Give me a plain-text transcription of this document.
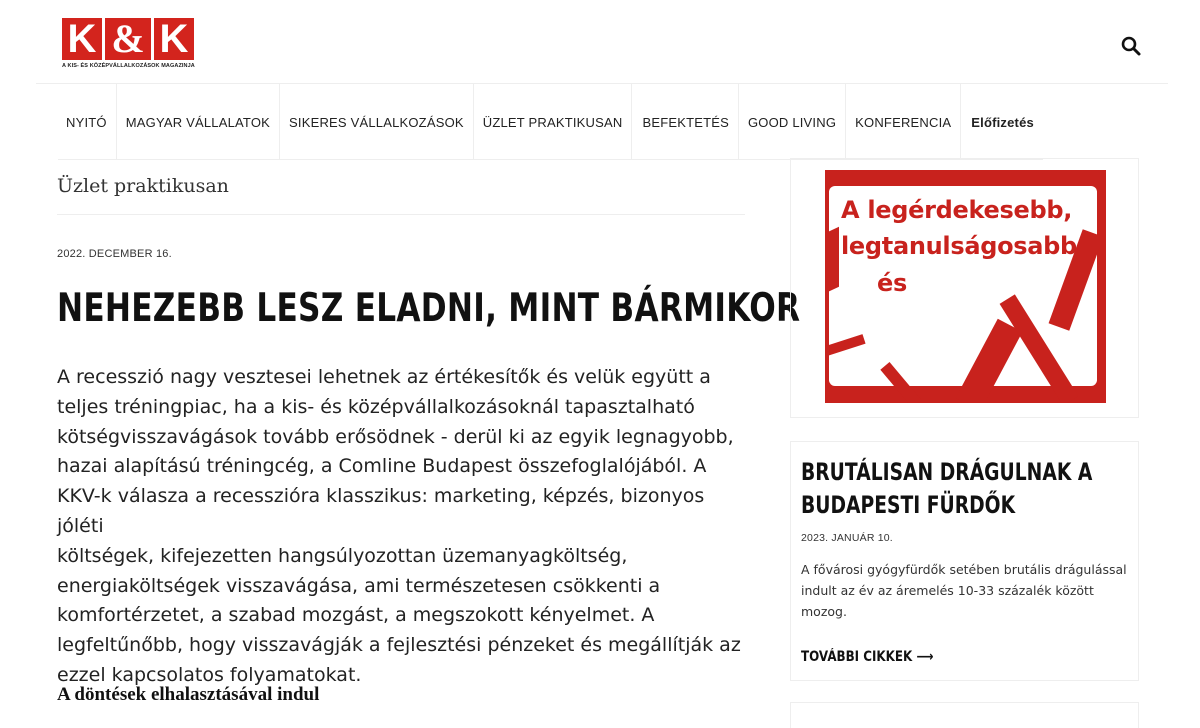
K & K
A KIS- ÉS KÖZÉPVÁLLALKOZÁSOK MAGAZINJA
NYITÓ	MAGYAR VÁLLALATOK	SIKERES VÁLLALKOZÁSOK	ÜZLET PRAKTIKUSAN	BEFEKTETÉS	GOOD LIVING	KONFERENCIA	Előfizetés
Üzlet praktikusan
2022. DECEMBER 16.
NEHEZEBB LESZ ELADNI, MINT BÁRMIKOR
A recesszió nagy vesztesei lehetnek az értékesítők és velük együtt a
teljes tréningpiac, ha a kis- és középvállalkozásoknál tapasztalható
kötségvisszavágások tovább erősödnek - derül ki az egyik legnagyobb,
hazai alapítású tréningcég, a Comline Budapest összefoglalójából. A
KKV-k válasza a recesszióra klasszikus: marketing, képzés, bizonyos jóléti
költségek, kifejezetten hangsúlyozottan üzemanyagköltség,
energiaköltségek visszavágása, ami természetesen csökkenti a
komfortérzetet, a szabad mozgást, a megszokott kényelmet. A
legfeltűnőbb, hogy visszavágják a fejlesztési pénzeket és megállítják az
ezzel kapcsolatos folyamatokat.
A döntések elhalasztásával indul
A legérdekesebb,
legtanulságosabb
és
BRUTÁLISAN DRÁGULNAK A BUDAPESTI FÜRDŐK
2023. JANUÁR 10.
A fővárosi gyógyfürdők setében brutális drágulással indult az év az áremelés 10-33 százalék között mozog.
TOVÁBBI CIKKEK ⟶
